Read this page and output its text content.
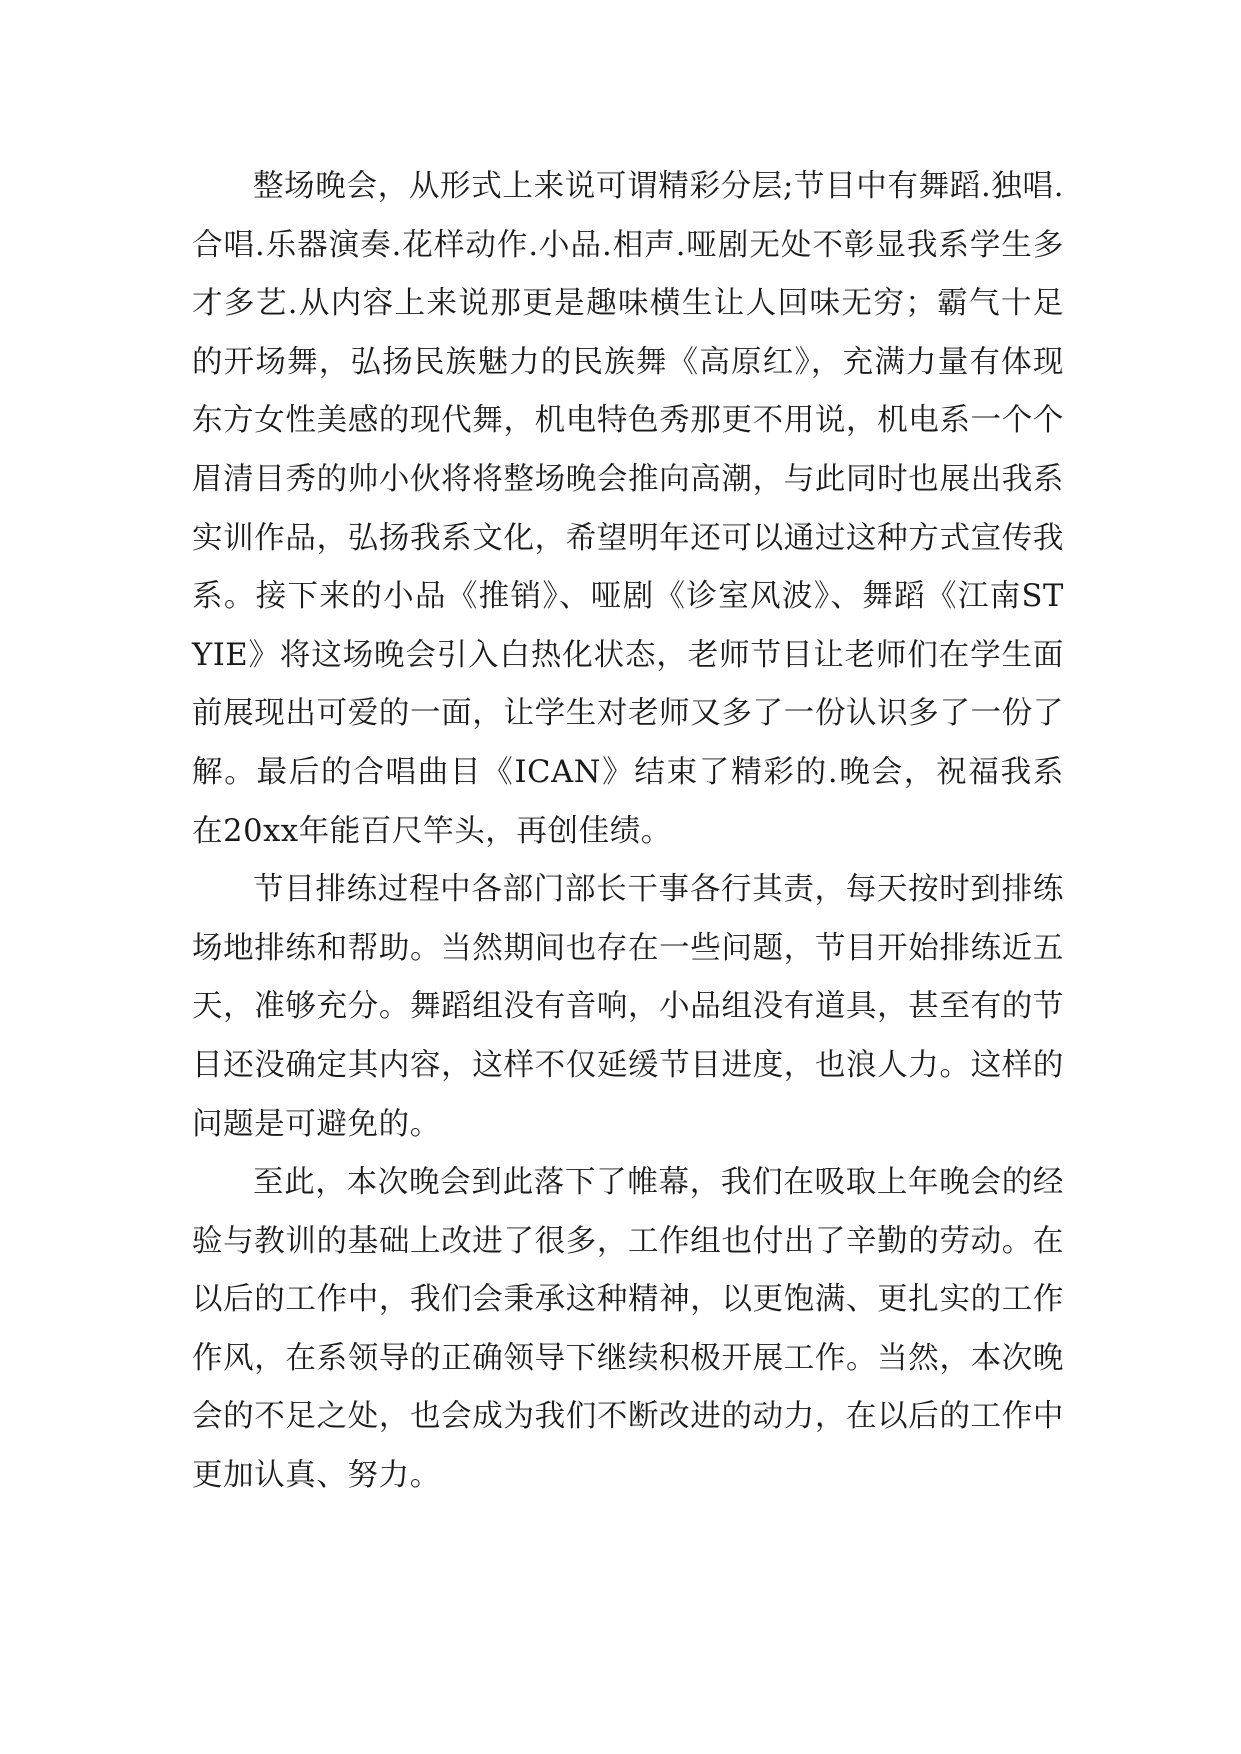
整场晚会，从形式上来说可谓精彩分层;节目中有舞蹈.独唱.合唱.乐器演奏.花样动作.小品.相声.哑剧无处不彰显我系学生多才多艺.从内容上来说那更是趣味横生让人回味无穷；霸气十足的开场舞，弘扬民族魅力的民族舞《高原红》，充满力量有体现东方女性美感的现代舞，机电特色秀那更不用说，机电系一个个眉清目秀的帅小伙将将整场晚会推向高潮，与此同时也展出我系实训作品，弘扬我系文化，希望明年还可以通过这种方式宣传我系。接下来的小品《推销》、哑剧《诊室风波》、舞蹈《江南STYIE》将这场晚会引入白热化状态，老师节目让老师们在学生面前展现出可爱的一面，让学生对老师又多了一份认识多了一份了解。最后的合唱曲目《ICAN》结束了精彩的.晚会，祝福我系在20xx年能百尺竿头，再创佳绩。

节目排练过程中各部门部长干事各行其责，每天按时到排练场地排练和帮助。当然期间也存在一些问题，节目开始排练近五天，准够充分。舞蹈组没有音响，小品组没有道具，甚至有的节目还没确定其内容，这样不仅延缓节目进度，也浪人力。这样的问题是可避免的。

至此，本次晚会到此落下了帷幕，我们在吸取上年晚会的经验与教训的基础上改进了很多，工作组也付出了辛勤的劳动。在以后的工作中，我们会秉承这种精神，以更饱满、更扎实的工作作风，在系领导的正确领导下继续积极开展工作。当然，本次晚会的不足之处，也会成为我们不断改进的动力，在以后的工作中更加认真、努力。
